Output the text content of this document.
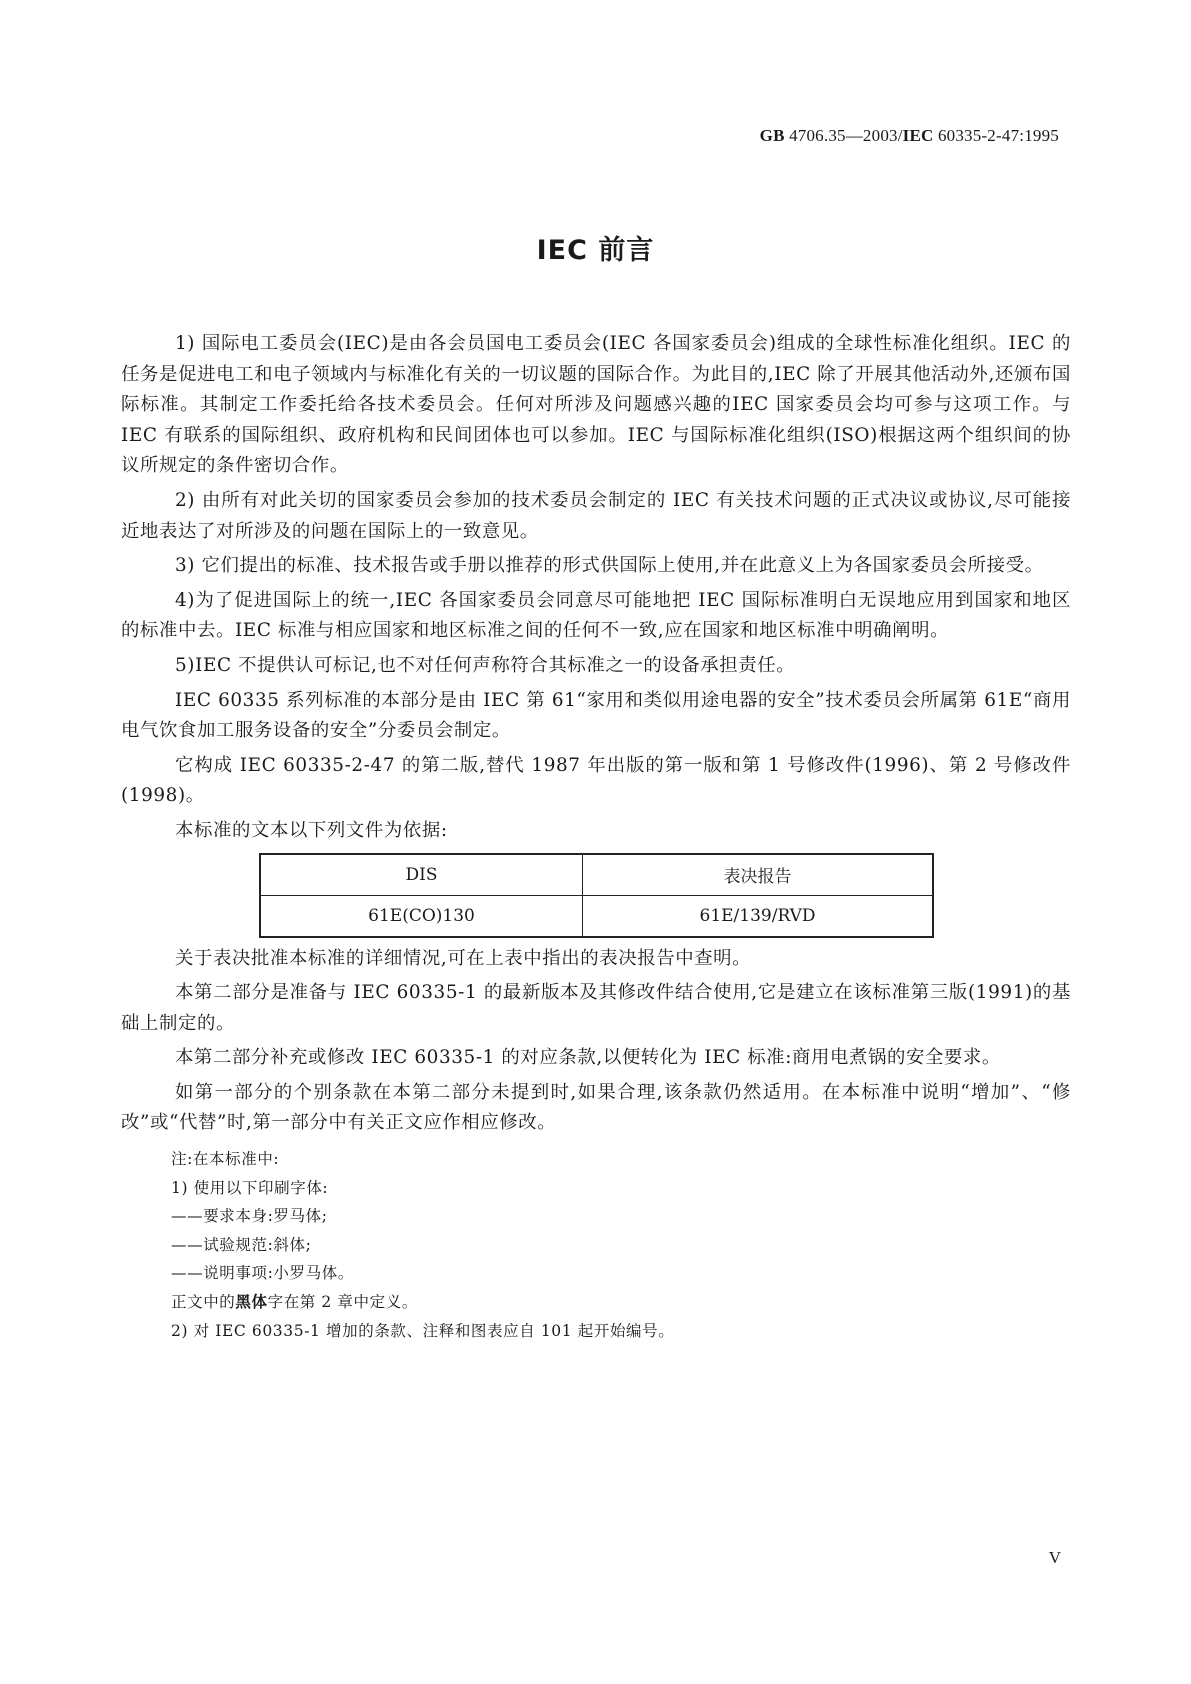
GB 4706.35—2003/IEC 60335-2-47:1995
IEC 前言

1) 国际电工委员会(IEC)是由各会员国电工委员会(IEC 各国家委员会)组成的全球性标准化组织。IEC 的任务是促进电工和电子领域内与标准化有关的一切议题的国际合作。为此目的,IEC 除了开展其他活动外,还颁布国际标准。其制定工作委托给各技术委员会。任何对所涉及问题感兴趣的IEC 国家委员会均可参与这项工作。与 IEC 有联系的国际组织、政府机构和民间团体也可以参加。IEC 与国际标准化组织(ISO)根据这两个组织间的协议所规定的条件密切合作。

2) 由所有对此关切的国家委员会参加的技术委员会制定的 IEC 有关技术问题的正式决议或协议,尽可能接近地表达了对所涉及的问题在国际上的一致意见。

3) 它们提出的标准、技术报告或手册以推荐的形式供国际上使用,并在此意义上为各国家委员会所接受。

4)为了促进国际上的统一,IEC 各国家委员会同意尽可能地把 IEC 国际标准明白无误地应用到国家和地区的标准中去。IEC 标准与相应国家和地区标准之间的任何不一致,应在国家和地区标准中明确阐明。

5)IEC 不提供认可标记,也不对任何声称符合其标准之一的设备承担责任。

IEC 60335 系列标准的本部分是由 IEC 第 61“家用和类似用途电器的安全”技术委员会所属第 61E“商用电气饮食加工服务设备的安全”分委员会制定。

它构成 IEC 60335-2-47 的第二版,替代 1987 年出版的第一版和第 1 号修改件(1996)、第 2 号修改件(1998)。

本标准的文本以下列文件为依据:

DIS	表决报告
61E(CO)130	61E/139/RVD

关于表决批准本标准的详细情况,可在上表中指出的表决报告中查明。

本第二部分是准备与 IEC 60335-1 的最新版本及其修改件结合使用,它是建立在该标准第三版(1991)的基础上制定的。

本第二部分补充或修改 IEC 60335-1 的对应条款,以便转化为 IEC 标准:商用电煮锅的安全要求。

如第一部分的个别条款在本第二部分未提到时,如果合理,该条款仍然适用。在本标准中说明“增加”、“修改”或“代替”时,第一部分中有关正文应作相应修改。

注:在本标准中:
1) 使用以下印刷字体:
——要求本身:罗马体;
——试验规范:斜体;
——说明事项:小罗马体。
正文中的黑体字在第 2 章中定义。
2) 对 IEC 60335-1 增加的条款、注释和图表应自 101 起开始编号。
V
